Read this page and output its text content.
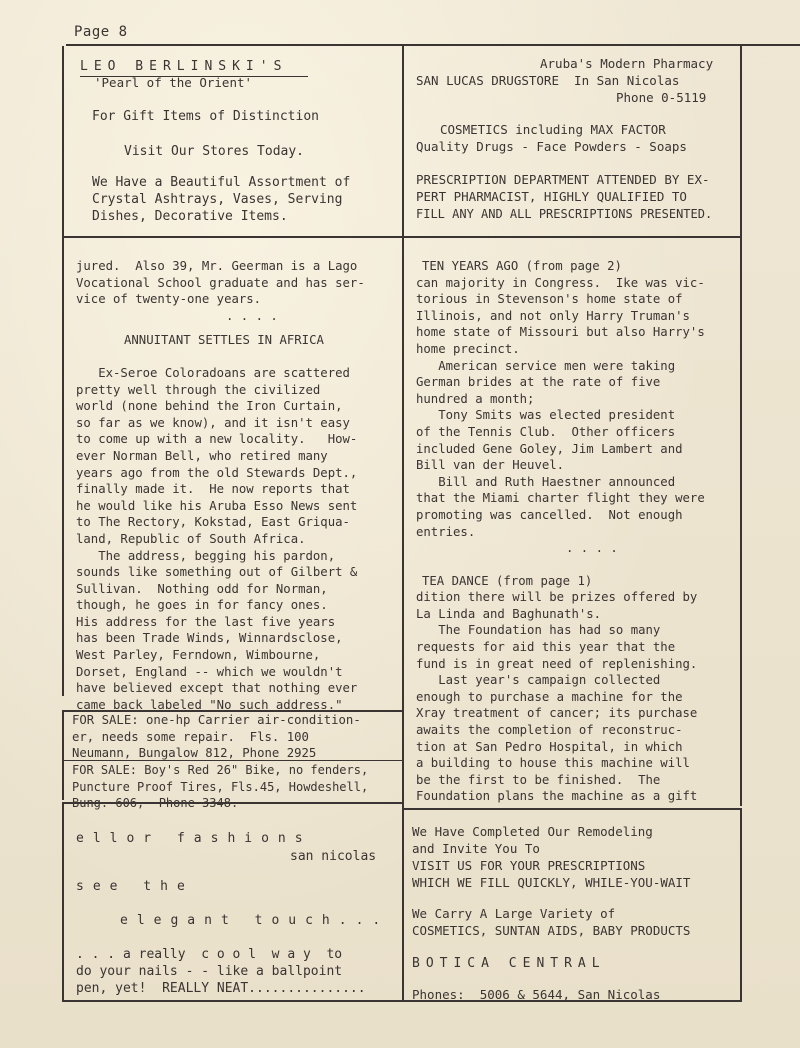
Page 8
LEO BERLINSKI'S
'Pearl of the Orient'
For Gift Items of Distinction
Visit Our Stores Today.
We Have a Beautiful Assortment of
Crystal Ashtrays, Vases, Serving
Dishes, Decorative Items.
Aruba's Modern Pharmacy
SAN LUCAS DRUGSTORE  In San Nicolas
Phone 0-5119
COSMETICS including MAX FACTOR
Quality Drugs - Face Powders - Soaps
PRESCRIPTION DEPARTMENT ATTENDED BY EX-
PERT PHARMACIST, HIGHLY QUALIFIED TO
FILL ANY AND ALL PRESCRIPTIONS PRESENTED.

jured.  Also 39, Mr. Geerman is a Lago

Vocational School graduate and has ser-

vice of twenty-one years.

. . . .

ANNUITANT SETTLES IN AFRICA

Ex-Seroe Coloradoans are scattered

pretty well through the civilized

world (none behind the Iron Curtain,

so far as we know), and it isn't easy

to come up with a new locality.   How-

ever Norman Bell, who retired many

years ago from the old Stewards Dept.,

finally made it.  He now reports that

he would like his Aruba Esso News sent

to The Rectory, Kokstad, East Griqua-

land, Republic of South Africa.

The address, begging his pardon,

sounds like something out of Gilbert &

Sullivan.  Nothing odd for Norman,

though, he goes in for fancy ones.

His address for the last five years

has been Trade Winds, Winnardsclose,

West Parley, Ferndown, Wimbourne,

Dorset, England -- which we wouldn't

have believed except that nothing ever

came back labeled "No such address."

FOR SALE: one-hp Carrier air-condition-

er, needs some repair.  Fls. 100

Neumann, Bungalow 812, Phone 2925

FOR SALE: Boy's Red 26" Bike, no fenders,

Puncture Proof Tires, Fls.45, Howdeshell,

Bung. 606,  Phone 3348.

TEN YEARS AGO (from page 2)

can majority in Congress.  Ike was vic-

torious in Stevenson's home state of

Illinois, and not only Harry Truman's

home state of Missouri but also Harry's

home precinct.

American service men were taking

German brides at the rate of five

hundred a month;

Tony Smits was elected president

of the Tennis Club.  Other officers

included Gene Goley, Jim Lambert and

Bill van der Heuvel.

Bill and Ruth Haestner announced

that the Miami charter flight they were

promoting was cancelled.  Not enough

entries.

. . . .

TEA DANCE (from page 1)

dition there will be prizes offered by

La Linda and Baghunath's.

The Foundation has had so many

requests for aid this year that the

fund is in great need of replenishing.

Last year's campaign collected

enough to purchase a machine for the

Xray treatment of cancer; its purchase

awaits the completion of reconstruc-

tion at San Pedro Hospital, in which

a building to house this machine will

be the first to be finished.  The

Foundation plans the machine as a gift

ellor fashions
san nicolas
see the
elegant touch...
. . . a really  c o o l  w a y  to
do your nails - - like a ballpoint
pen, yet!  REALLY NEAT...............
We Have Completed Our Remodeling
and Invite You To
VISIT US FOR YOUR PRESCRIPTIONS
WHICH WE FILL QUICKLY, WHILE-YOU-WAIT
We Carry A Large Variety of
COSMETICS, SUNTAN AIDS, BABY PRODUCTS
BOTICA CENTRAL
Phones:  5006 & 5644, San Nicolas
